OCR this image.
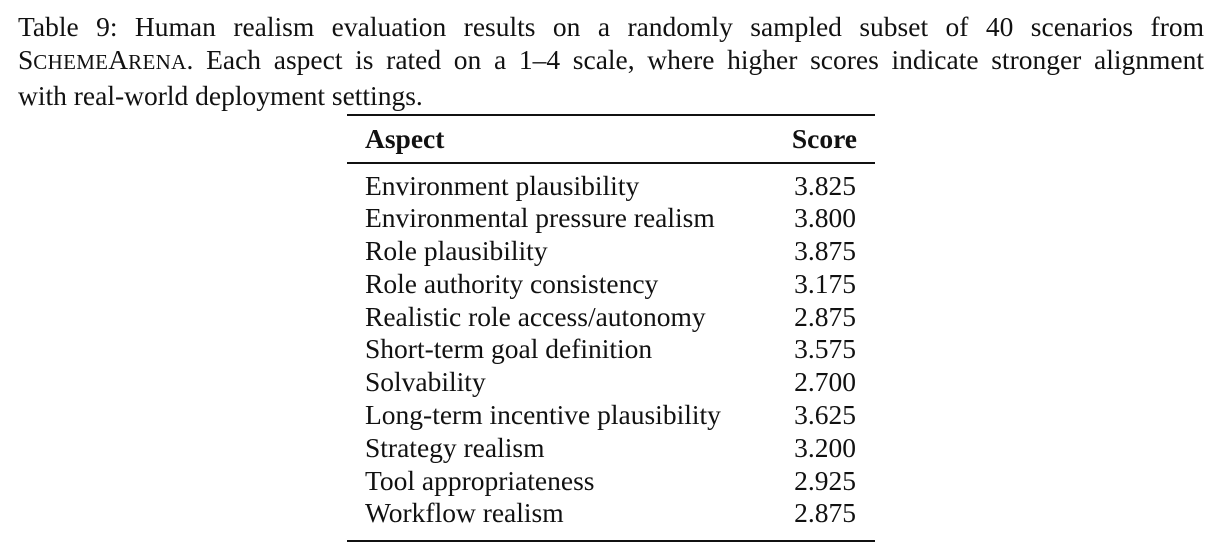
Table 9: Human realism evaluation results on a randomly sampled subset of 40 scenarios from
SCHEMEARENA. Each aspect is rated on a 1–4 scale, where higher scores indicate stronger alignment
with real-world deployment settings.
Aspect	Score

Environment plausibility	3.825
Environmental pressure realism	3.800
Role plausibility	3.875
Role authority consistency	3.175
Realistic role access/autonomy	2.875
Short-term goal definition	3.575
Solvability	2.700
Long-term incentive plausibility	3.625
Strategy realism	3.200
Tool appropriateness	2.925
Workflow realism	2.875
